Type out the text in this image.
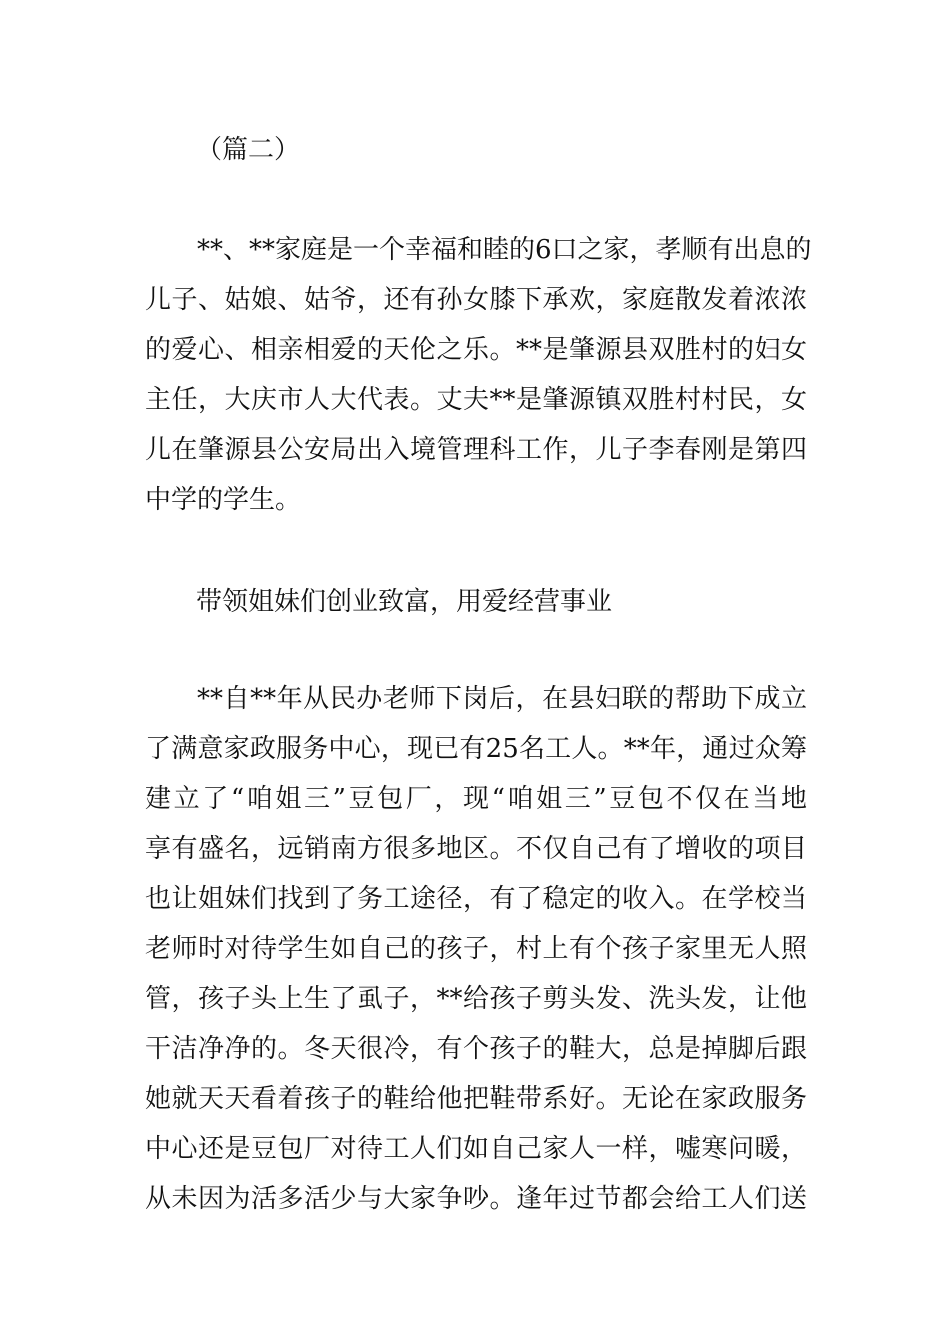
（篇二）
**、**家庭是一个幸福和睦的6口之家，孝顺有出息的
儿子、姑娘、姑爷，还有孙女膝下承欢，家庭散发着浓浓
的爱心、相亲相爱的天伦之乐。**是肇源县双胜村的妇女
主任，大庆市人大代表。丈夫**是肇源镇双胜村村民，女
儿在肇源县公安局出入境管理科工作，儿子李春刚是第四
中学的学生。
带领姐妹们创业致富，用爱经营事业
**自**年从民办老师下岗后，在县妇联的帮助下成立
了满意家政服务中心，现已有25名工人。**年，通过众筹
建立了“咱姐三”豆包厂，现“咱姐三”豆包不仅在当地
享有盛名，远销南方很多地区。不仅自己有了增收的项目
也让姐妹们找到了务工途径，有了稳定的收入。在学校当
老师时对待学生如自己的孩子，村上有个孩子家里无人照
管，孩子头上生了虱子，**给孩子剪头发、洗头发，让他
干洁净净的。冬天很冷，有个孩子的鞋大，总是掉脚后跟
她就天天看着孩子的鞋给他把鞋带系好。无论在家政服务
中心还是豆包厂对待工人们如自己家人一样，嘘寒问暖，
从未因为活多活少与大家争吵。逢年过节都会给工人们送
